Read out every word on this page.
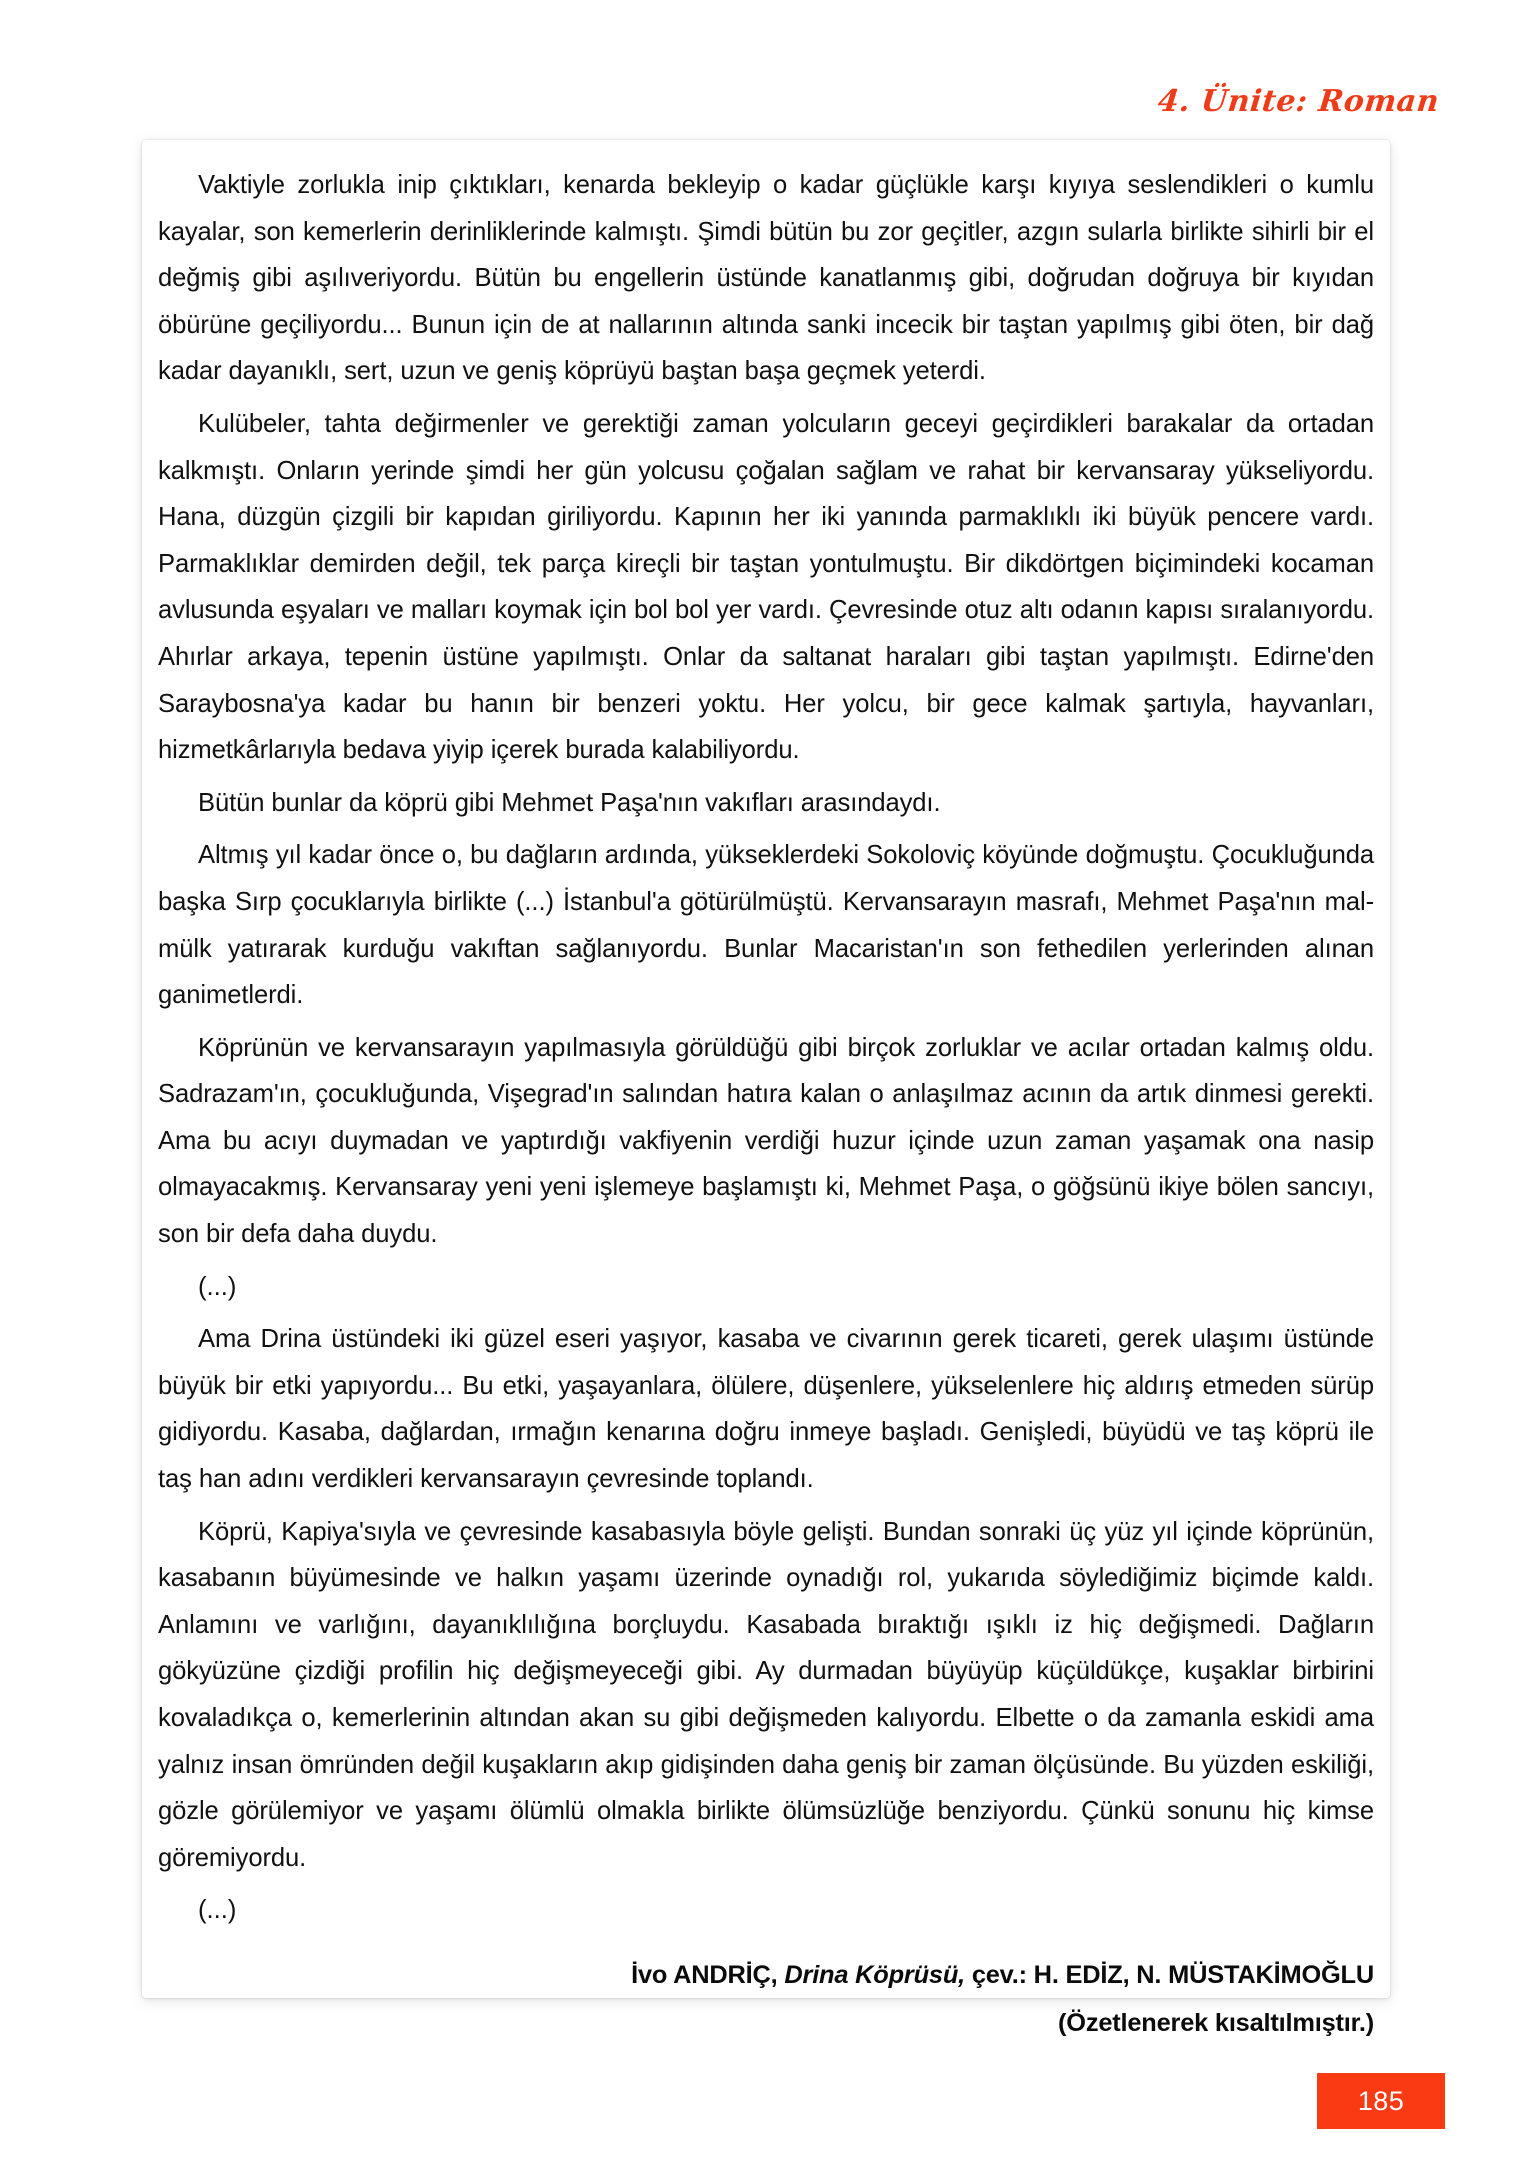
4. Ünite: Roman

Vaktiyle zorlukla inip çıktıkları, kenarda bekleyip o kadar güçlükle karşı kıyıya seslendikleri o kumlu kayalar, son kemerlerin derinliklerinde kalmıştı. Şimdi bütün bu zor geçitler, azgın sularla birlikte sihirli bir el değmiş gibi aşılıveriyordu. Bütün bu engellerin üstünde kanatlanmış gibi, doğrudan doğruya bir kıyıdan öbürüne geçiliyordu... Bunun için de at nallarının altında sanki incecik bir taştan yapılmış gibi öten, bir dağ kadar dayanıklı, sert, uzun ve geniş köprüyü baştan başa geçmek yeterdi.

Kulübeler, tahta değirmenler ve gerektiği zaman yolcuların geceyi geçirdikleri barakalar da ortadan kalkmıştı. Onların yerinde şimdi her gün yolcusu çoğalan sağlam ve rahat bir kervansaray yükseliyordu. Hana, düzgün çizgili bir kapıdan giriliyordu. Kapının her iki yanında parmaklıklı iki büyük pencere vardı. Parmaklıklar demirden değil, tek parça kireçli bir taştan yontulmuştu. Bir dikdörtgen biçimindeki kocaman avlusunda eşyaları ve malları koymak için bol bol yer vardı. Çevresinde otuz altı odanın kapısı sıralanıyordu. Ahırlar arkaya, tepenin üstüne yapılmıştı. Onlar da saltanat haraları gibi taştan yapılmıştı. Edirne'den Saraybosna'ya kadar bu hanın bir benzeri yoktu. Her yolcu, bir gece kalmak şartıyla, hayvanları, hizmetkârlarıyla bedava yiyip içerek burada kalabiliyordu.

Bütün bunlar da köprü gibi Mehmet Paşa'nın vakıfları arasındaydı.

Altmış yıl kadar önce o, bu dağların ardında, yükseklerdeki Sokoloviç köyünde doğmuştu. Çocukluğunda başka Sırp çocuklarıyla birlikte (...) İstanbul'a götürülmüştü. Kervansarayın masrafı, Mehmet Paşa'nın mal-mülk yatırarak kurduğu vakıftan sağlanıyordu. Bunlar Macaristan'ın son fethedilen yerlerinden alınan ganimetlerdi.

Köprünün ve kervansarayın yapılmasıyla görüldüğü gibi birçok zorluklar ve acılar ortadan kalmış oldu. Sadrazam'ın, çocukluğunda, Vişegrad'ın salından hatıra kalan o anlaşılmaz acının da artık dinmesi gerekti. Ama bu acıyı duymadan ve yaptırdığı vakfiyenin verdiği huzur içinde uzun zaman yaşamak ona nasip olmayacakmış. Kervansaray yeni yeni işlemeye başlamıştı ki, Mehmet Paşa, o göğsünü ikiye bölen sancıyı, son bir defa daha duydu.

(...)

Ama Drina üstündeki iki güzel eseri yaşıyor, kasaba ve civarının gerek ticareti, gerek ulaşımı üstünde büyük bir etki yapıyordu... Bu etki, yaşayanlara, ölülere, düşenlere, yükselenlere hiç aldırış etmeden sürüp gidiyordu. Kasaba, dağlardan, ırmağın kenarına doğru inmeye başladı. Genişledi, büyüdü ve taş köprü ile taş han adını verdikleri kervansarayın çevresinde toplandı.

Köprü, Kapiya'sıyla ve çevresinde kasabasıyla böyle gelişti. Bundan sonraki üç yüz yıl içinde köprünün, kasabanın büyümesinde ve halkın yaşamı üzerinde oynadığı rol, yukarıda söylediğimiz biçimde kaldı. Anlamını ve varlığını, dayanıklılığına borçluydu. Kasabada bıraktığı ışıklı iz hiç değişmedi. Dağların gökyüzüne çizdiği profilin hiç değişmeyeceği gibi. Ay durmadan büyüyüp küçüldükçe, kuşaklar birbirini kovaladıkça o, kemerlerinin altından akan su gibi değişmeden kalıyordu. Elbette o da zamanla eskidi ama yalnız insan ömründen değil kuşakların akıp gidişinden daha geniş bir zaman ölçüsünde. Bu yüzden eskiliği, gözle görülemiyor ve yaşamı ölümlü olmakla birlikte ölümsüzlüğe benziyordu. Çünkü sonunu hiç kimse göremiyordu.

(...)

İvo ANDRİÇ, Drina Köprüsü, çev.: H. EDİZ, N. MÜSTAKİMOĞLU
(Özetlenerek kısaltılmıştır.)
185
